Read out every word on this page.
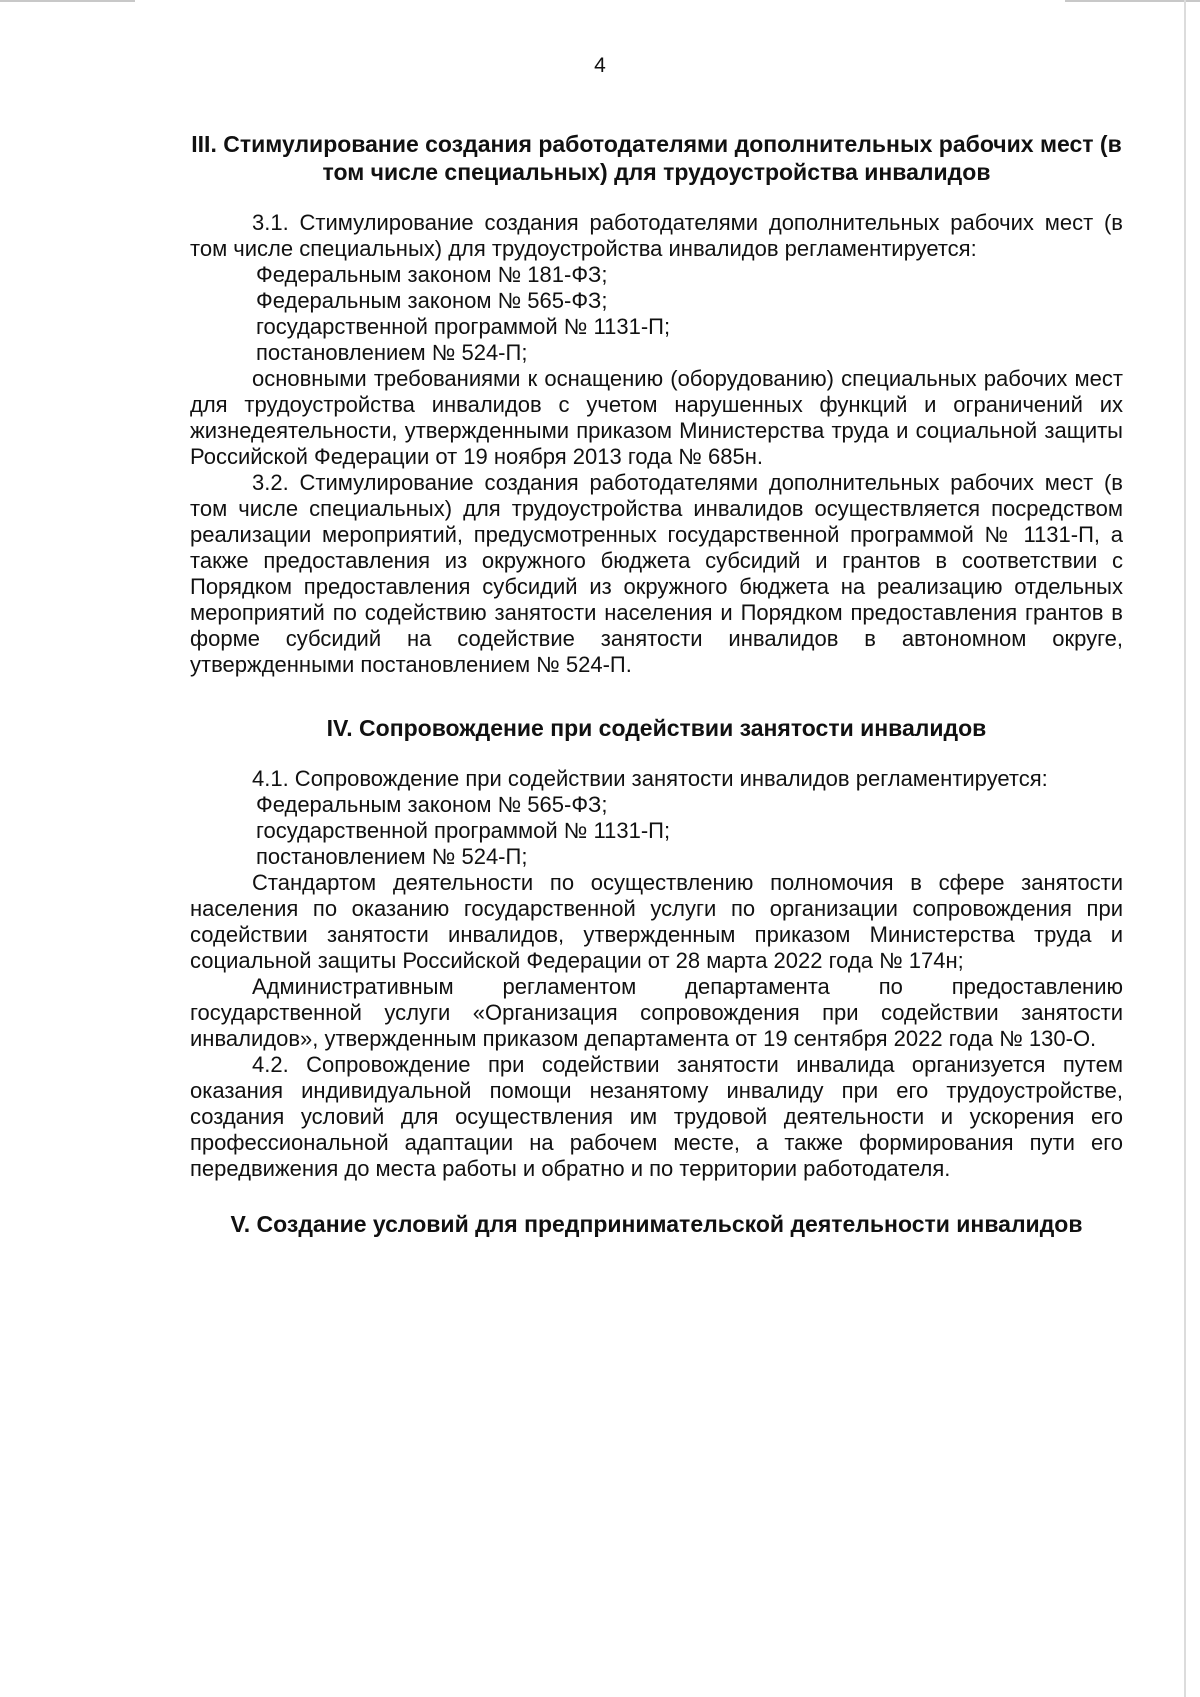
4
III. Стимулирование создания работодателями дополнительных рабочих мест (в том числе специальных) для трудоустройства инвалидов

3.1. Стимулирование создания работодателями дополнительных рабочих мест (в том числе специальных) для трудоустройства инвалидов регламентируется:

Федеральным законом № 181-ФЗ;

Федеральным законом № 565-ФЗ;

государственной программой № 1131-П;

постановлением № 524-П;

основными требованиями к оснащению (оборудованию) специальных рабочих мест для трудоустройства инвалидов с учетом нарушенных функций и ограничений их жизнедеятельности, утвержденными приказом Министерства труда и социальной защиты Российской Федерации от 19 ноября 2013 года № 685н.

3.2. Стимулирование создания работодателями дополнительных рабочих мест (в том числе специальных) для трудоустройства инвалидов осуществляется посредством реализации мероприятий, предусмотренных государственной программой № 1131-П, а также предоставления из окружного бюджета субсидий и грантов в соответствии с Порядком предоставления субсидий из окружного бюджета на реализацию отдельных мероприятий по содействию занятости населения и Порядком предоставления грантов в форме субсидий на содействие занятости инвалидов в автономном округе, утвержденными постановлением № 524-П.

IV. Сопровождение при содействии занятости инвалидов

4.1. Сопровождение при содействии занятости инвалидов регламентируется:

Федеральным законом № 565-ФЗ;

государственной программой № 1131-П;

постановлением № 524-П;

Стандартом деятельности по осуществлению полномочия в сфере занятости населения по оказанию государственной услуги по организации сопровождения при содействии занятости инвалидов, утвержденным приказом Министерства труда и социальной защиты Российской Федерации от 28 марта 2022 года № 174н;

Административным регламентом департамента по предоставлению государственной услуги «Организация сопровождения при содействии занятости инвалидов», утвержденным приказом департамента от 19 сентября 2022 года № 130-О.

4.2. Сопровождение при содействии занятости инвалида организуется путем оказания индивидуальной помощи незанятому инвалиду при его трудоустройстве, создания условий для осуществления им трудовой деятельности и ускорения его профессиональной адаптации на рабочем месте, а также формирования пути его передвижения до места работы и обратно и по территории работодателя.

V. Создание условий для предпринимательской деятельности инвалидов
